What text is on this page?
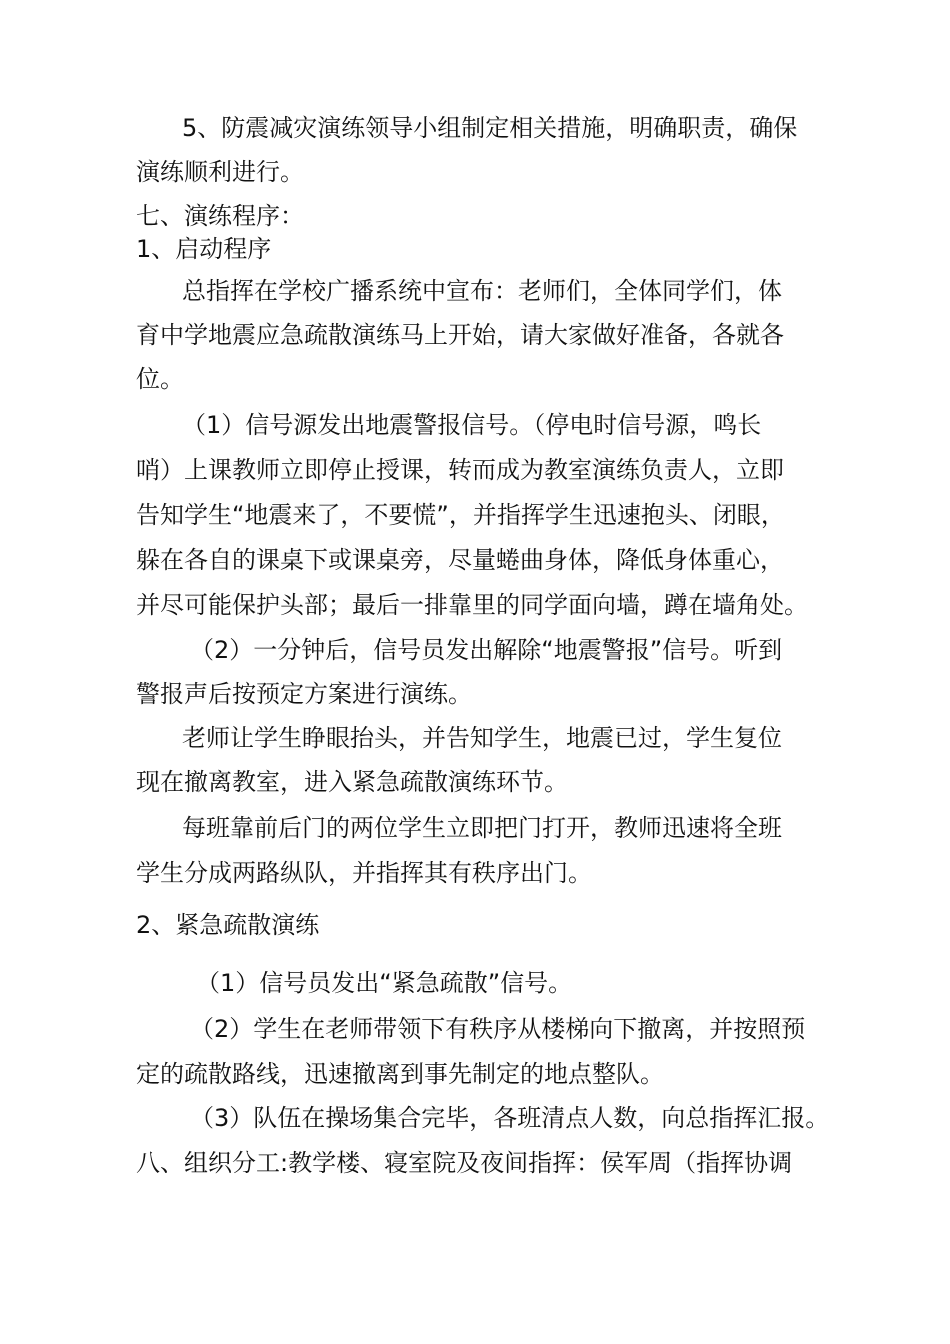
5、防震减灾演练领导小组制定相关措施，明确职责，确保

演练顺利进行。

七、演练程序：

1、启动程序

总指挥在学校广播系统中宣布：老师们，全体同学们，体

育中学地震应急疏散演练马上开始，请大家做好准备，各就各

位。

（1）信号源发出地震警报信号。（停电时信号源，鸣长

哨）上课教师立即停止授课，转而成为教室演练负责人，立即

告知学生“地震来了，不要慌”，并指挥学生迅速抱头、闭眼，

躲在各自的课桌下或课桌旁，尽量蜷曲身体，降低身体重心，

并尽可能保护头部；最后一排靠里的同学面向墙，蹲在墙角处。

（2）一分钟后，信号员发出解除“地震警报”信号。听到

警报声后按预定方案进行演练。

老师让学生睁眼抬头，并告知学生，地震已过，学生复位

现在撤离教室，进入紧急疏散演练环节。

每班靠前后门的两位学生立即把门打开，教师迅速将全班

学生分成两路纵队，并指挥其有秩序出门。

2、紧急疏散演练

（1）信号员发出“紧急疏散”信号。

（2）学生在老师带领下有秩序从楼梯向下撤离，并按照预

定的疏散路线，迅速撤离到事先制定的地点整队。

（3）队伍在操场集合完毕，各班清点人数，向总指挥汇报。

八、组织分工:教学楼、寝室院及夜间指挥：侯军周（指挥协调
